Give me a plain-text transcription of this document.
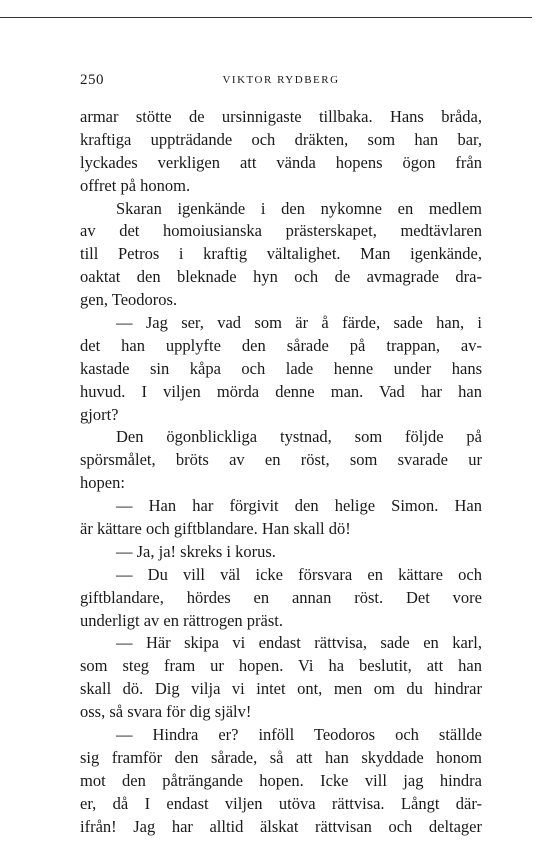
250	VIKTOR RYDBERG
armar stötte de ursinnigaste tillbaka. Hans bråda,
kraftiga uppträdande och dräkten, som han bar,
lyckades verkligen att vända hopens ögon från
offret på honom.
Skaran igenkände i den nykomne en medlem
av det homoiusianska prästerskapet, medtävlaren
till Petros i kraftig vältalighet. Man igenkände,
oaktat den bleknade hyn och de avmagrade dra-
gen, Teodoros.
— Jag ser, vad som är å färde, sade han, i
det han upplyfte den sårade på trappan, av-
kastade sin kåpa och lade henne under hans
huvud. I viljen mörda denne man. Vad har han
gjort?
Den ögonblickliga tystnad, som följde på
spörsmålet, bröts av en röst, som svarade ur
hopen:
— Han har förgivit den helige Simon. Han
är kättare och giftblandare. Han skall dö!
— Ja, ja! skreks i korus.
— Du vill väl icke försvara en kättare och
giftblandare, hördes en annan röst. Det vore
underligt av en rättrogen präst.
— Här skipa vi endast rättvisa, sade en karl,
som steg fram ur hopen. Vi ha beslutit, att han
skall dö. Dig vilja vi intet ont, men om du hindrar
oss, så svara för dig själv!
— Hindra er? inföll Teodoros och ställde
sig framför den sårade, så att han skyddade honom
mot den påträngande hopen. Icke vill jag hindra
er, då I endast viljen utöva rättvisa. Långt där-
ifrån! Jag har alltid älskat rättvisan och deltager
